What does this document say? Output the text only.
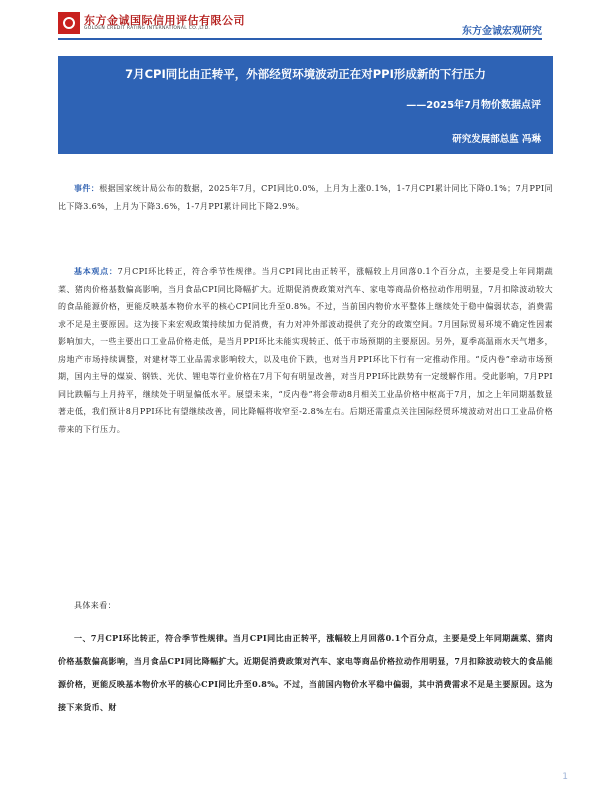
东方金诚国际信用评估有限公司
GOLDEN CREDIT RATING INTERNATIONAL CO.,LTD.	东方金诚宏观研究
7月CPI同比由正转平，外部经贸环境波动正在对PPI形成新的下行压力
——2025年7月物价数据点评
研究发展部总监 冯琳

事件：根据国家统计局公布的数据，2025年7月，CPI同比0.0%，上月为上涨0.1%，1-7月CPI累计同比下降0.1%；7月PPI同比下降3.6%，上月为下降3.6%，1-7月PPI累计同比下降2.9%。

基本观点：7月CPI环比转正，符合季节性规律。当月CPI同比由正转平，涨幅较上月回落0.1个百分点，主要是受上年同期蔬菜、猪肉价格基数偏高影响，当月食品CPI同比降幅扩大。近期促消费政策对汽车、家电等商品价格拉动作用明显，7月扣除波动较大的食品能源价格，更能反映基本物价水平的核心CPI同比升至0.8%。不过，当前国内物价水平整体上继续处于稳中偏弱状态，消费需求不足是主要原因。这为接下来宏观政策持续加力促消费，有力对冲外部波动提供了充分的政策空间。7月国际贸易环境不确定性因素影响加大，一些主要出口工业品价格走低，是当月PPI环比未能实现转正、低于市场预期的主要原因。另外，夏季高温雨水天气增多，房地产市场持续调整，对建材等工业品需求影响较大，以及电价下跌，也对当月PPI环比下行有一定推动作用。“反内卷”牵动市场预期，国内主导的煤炭、钢铁、光伏、锂电等行业价格在7月下旬有明显改善，对当月PPI环比跌势有一定缓解作用。受此影响，7月PPI同比跌幅与上月持平，继续处于明显偏低水平。展望未来，“反内卷”将会带动8月相关工业品价格中枢高于7月，加之上年同期基数显著走低，我们预计8月PPI环比有望继续改善，同比降幅将收窄至-2.8%左右。后期还需重点关注国际经贸环境波动对出口工业品价格带来的下行压力。

具体来看：

一、7月CPI环比转正，符合季节性规律。当月CPI同比由正转平，涨幅较上月回落0.1个百分点，主要是受上年同期蔬菜、猪肉价格基数偏高影响，当月食品CPI同比降幅扩大。近期促消费政策对汽车、家电等商品价格拉动作用明显，7月扣除波动较大的食品能源价格，更能反映基本物价水平的核心CPI同比升至0.8%。不过，当前国内物价水平稳中偏弱，其中消费需求不足是主要原因。这为接下来货币、财

1
